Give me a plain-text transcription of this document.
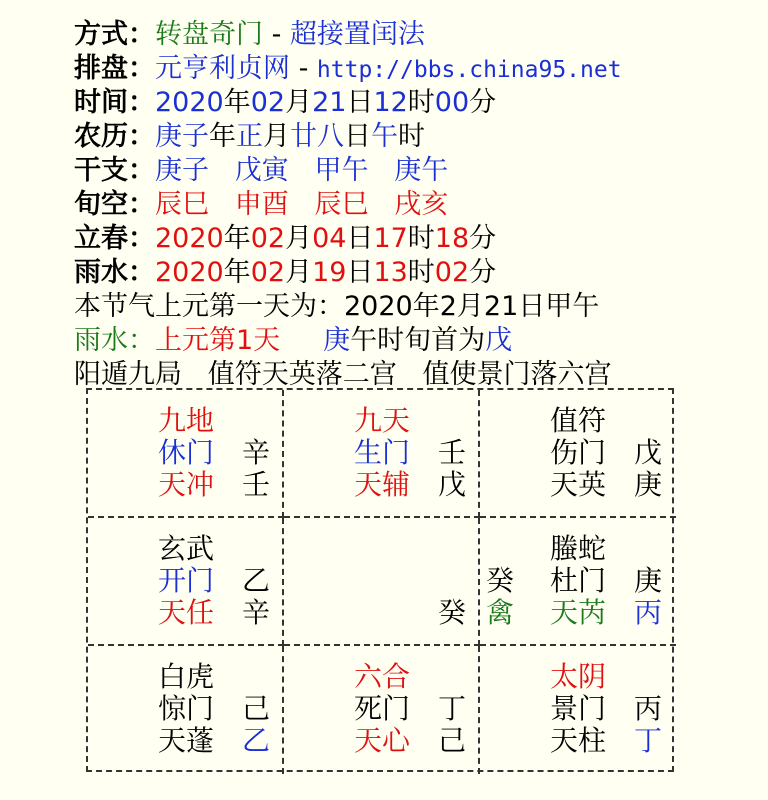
方式：转盘奇门 - 超接置闰法
排盘：元亨利贞网 - http://bbs.china95.net
时间：2020年02月21日12时00分
农历：庚子年正月廿八日午时
干支：庚子   戊寅   甲午   庚午
旬空：辰巳   申酉   辰巳   戌亥
立春：2020年02月04日17时18分
雨水：2020年02月19日13时02分
本节气上元第一天为：2020年2月21日甲午
雨水：上元第1天 庚午时旬首为戊
阳遁九局   值符天英落二宫   值使景门落六宫
九地
休门
天冲
辛
壬
九天
生门
天辅
壬
戊
值符
伤门
天英
戊
庚
玄武
开门
天任
乙
辛	癸
螣蛇
杜门
天芮
庚
丙
癸
禽
白虎
惊门
天蓬
己
乙
六合
死门
天心
丁
己
太阴
景门
天柱
丙
丁
